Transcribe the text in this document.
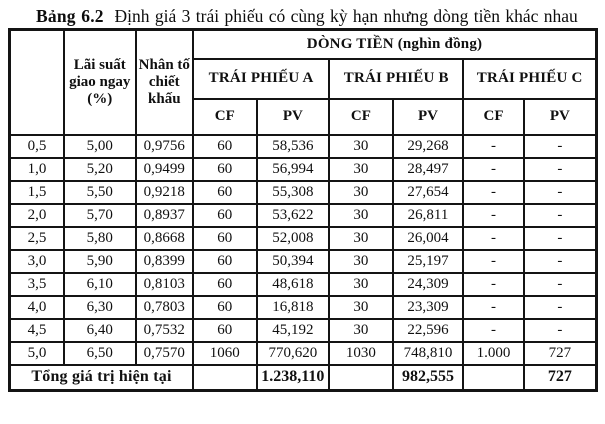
Bảng 6.2 Định giá 3 trái phiếu có cùng kỳ hạn nhưng dòng tiền khác nhau

	Lãi suất giao ngay (%)	Nhân tố chiết khấu	DÒNG TIỀN (nghìn đồng)					
			TRÁI PHIẾU A		TRÁI PHIẾU B		TRÁI PHIẾU C	
			CF	PV	CF	PV	CF	PV
0,5	5,00	0,9756	60	58,536	30	29,268	-	-
1,0	5,20	0,9499	60	56,994	30	28,497	-	-
1,5	5,50	0,9218	60	55,308	30	27,654	-	-
2,0	5,70	0,8937	60	53,622	30	26,811	-	-
2,5	5,80	0,8668	60	52,008	30	26,004	-	-
3,0	5,90	0,8399	60	50,394	30	25,197	-	-
3,5	6,10	0,8103	60	48,618	30	24,309	-	-
4,0	6,30	0,7803	60	16,818	30	23,309	-	-
4,5	6,40	0,7532	60	45,192	30	22,596	-	-
5,0	6,50	0,7570	1060	770,620	1030	748,810	1.000	727
Tổng giá trị hiện tại				1.238,110		982,555		727
